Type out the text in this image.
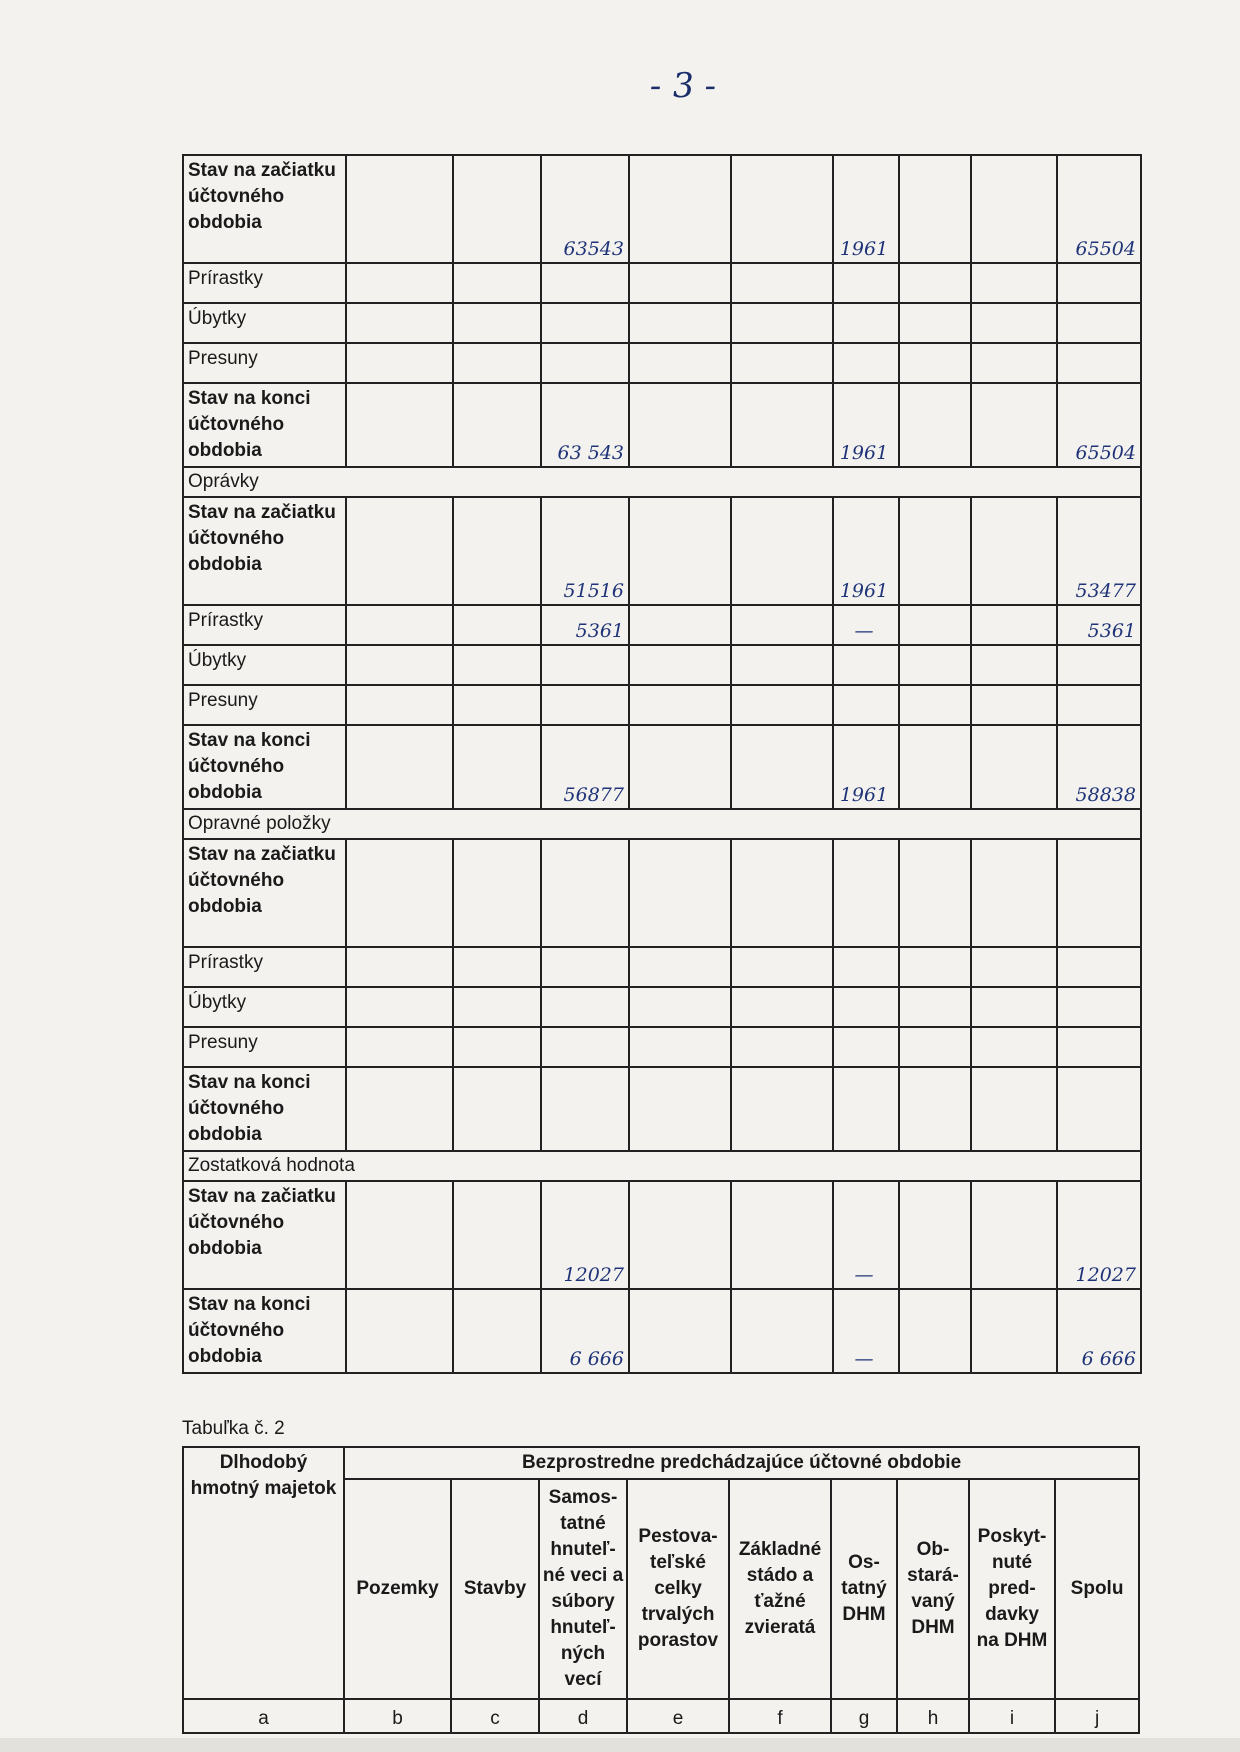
- 3 -
Stav na začiatku účtovného obdobia			63543			1961			65504
Prírastky									
Úbytky									
Presuny									
Stav na konci účtovného obdobia			63 543			1961			65504
Oprávky									
Stav na začiatku účtovného obdobia			51516			1961			53477
Prírastky			5361			—			5361
Úbytky									
Presuny									
Stav na konci účtovného obdobia			56877			1961			58838
Opravné položky									
Stav na začiatku účtovného obdobia									
Prírastky									
Úbytky									
Presuny									
Stav na konci účtovného obdobia									
Zostatková hodnota									
Stav na začiatku účtovného obdobia			12027			—			12027
Stav na konci účtovného obdobia			6 666			—			6 666
Tabuľka č. 2
Dlhodobý hmotný majetok	Bezprostredne predchádzajúce účtovné obdobie								
	Pozemky	Stavby	Samos-tatné hnuteľ-né veci a súbory hnuteľ-ných vecí	Pestova-teľské celky trvalých porastov	Základné stádo a ťažné zvieratá	Os-tatný DHM	Ob-stará-vaný DHM	Poskyt-nuté pred-davky na DHM	Spolu
a	b	c	d	e	f	g	h	i	j
